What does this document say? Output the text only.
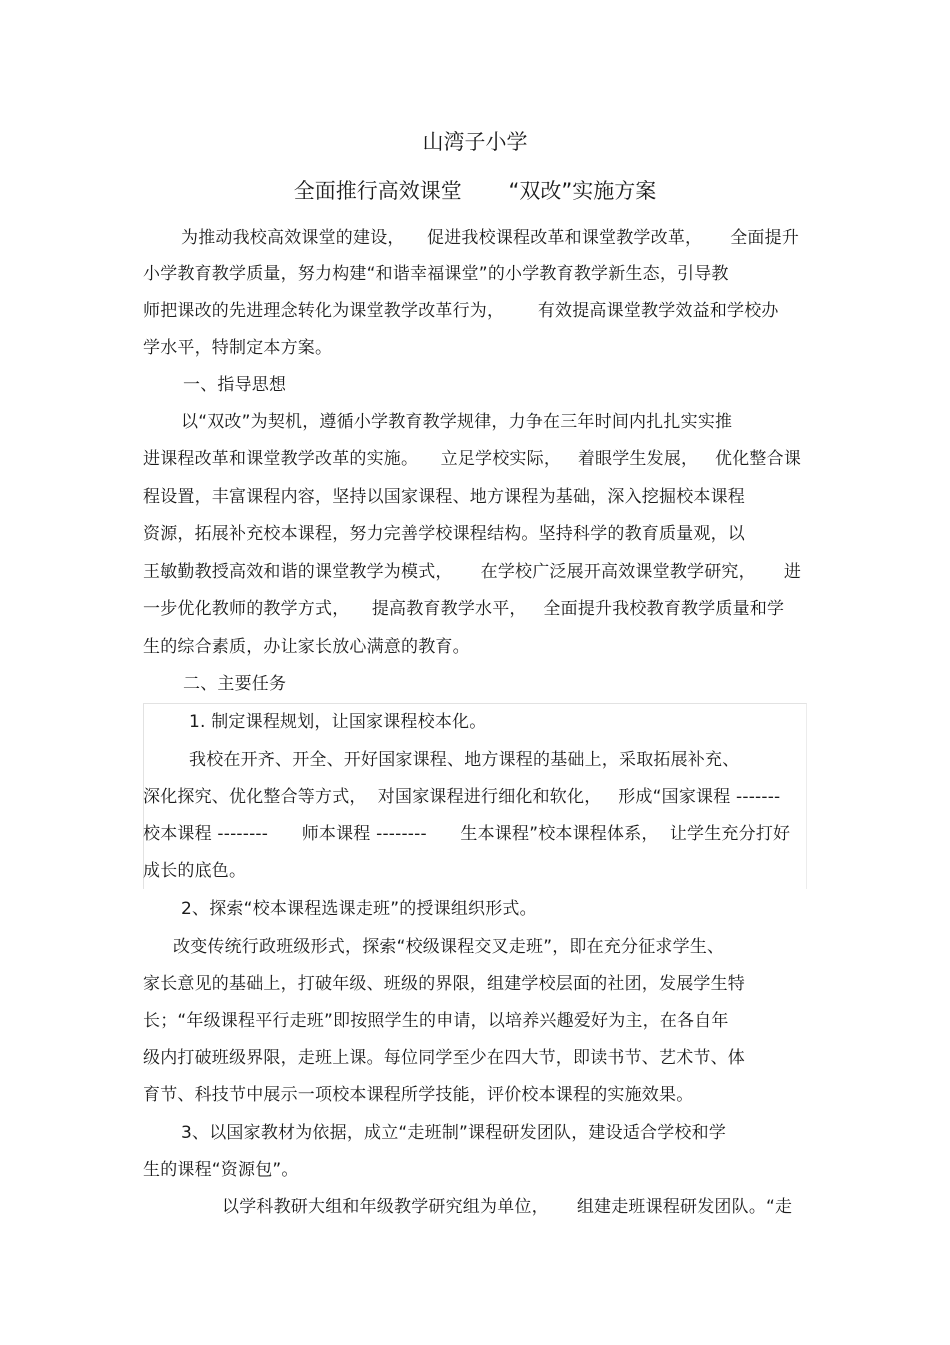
山湾子小学
全面推行高效课堂       “双改”实施方案
为推动我校高效课堂的建设，    促进我校课程改革和课堂教学改革，     全面提升
小学教育教学质量，努力构建“和谐幸福课堂”的小学教育教学新生态，引导教
师把课改的先进理念转化为课堂教学改革行为，      有效提高课堂教学效益和学校办
学水平，特制定本方案。
一、指导思想
以“双改”为契机，遵循小学教育教学规律，力争在三年时间内扎扎实实推
进课程改革和课堂教学改革的实施。    立足学校实际，   着眼学生发展，   优化整合课
程设置，丰富课程内容，坚持以国家课程、地方课程为基础，深入挖掘校本课程
资源，拓展补充校本课程，努力完善学校课程结构。坚持科学的教育质量观，以
王敏勤教授高效和谐的课堂教学为模式，     在学校广泛展开高效课堂教学研究，     进
一步优化教师的教学方式，    提高教育教学水平，   全面提升我校教育教学质量和学
生的综合素质，办让家长放心满意的教育。
二、主要任务
1. 制定课程规划，让国家课程校本化。
我校在开齐、开全、开好国家课程、地方课程的基础上，采取拓展补充、
深化探究、优化整合等方式，  对国家课程进行细化和软化，   形成“国家课程 -------
校本课程 --------      师本课程 --------      生本课程”校本课程体系，  让学生充分打好
成长的底色。
2、探索“校本课程选课走班”的授课组织形式。
改变传统行政班级形式，探索“校级课程交叉走班”，即在充分征求学生、
家长意见的基础上，打破年级、班级的界限，组建学校层面的社团，发展学生特
长；“年级课程平行走班”即按照学生的申请，以培养兴趣爱好为主，在各自年
级内打破班级界限，走班上课。每位同学至少在四大节，即读书节、艺术节、体
育节、科技节中展示一项校本课程所学技能，评价校本课程的实施效果。
3、以国家教材为依据，成立“走班制”课程研发团队，建设适合学校和学
生的课程“资源包”。
以学科教研大组和年级教学研究组为单位，     组建走班课程研发团队。“走
